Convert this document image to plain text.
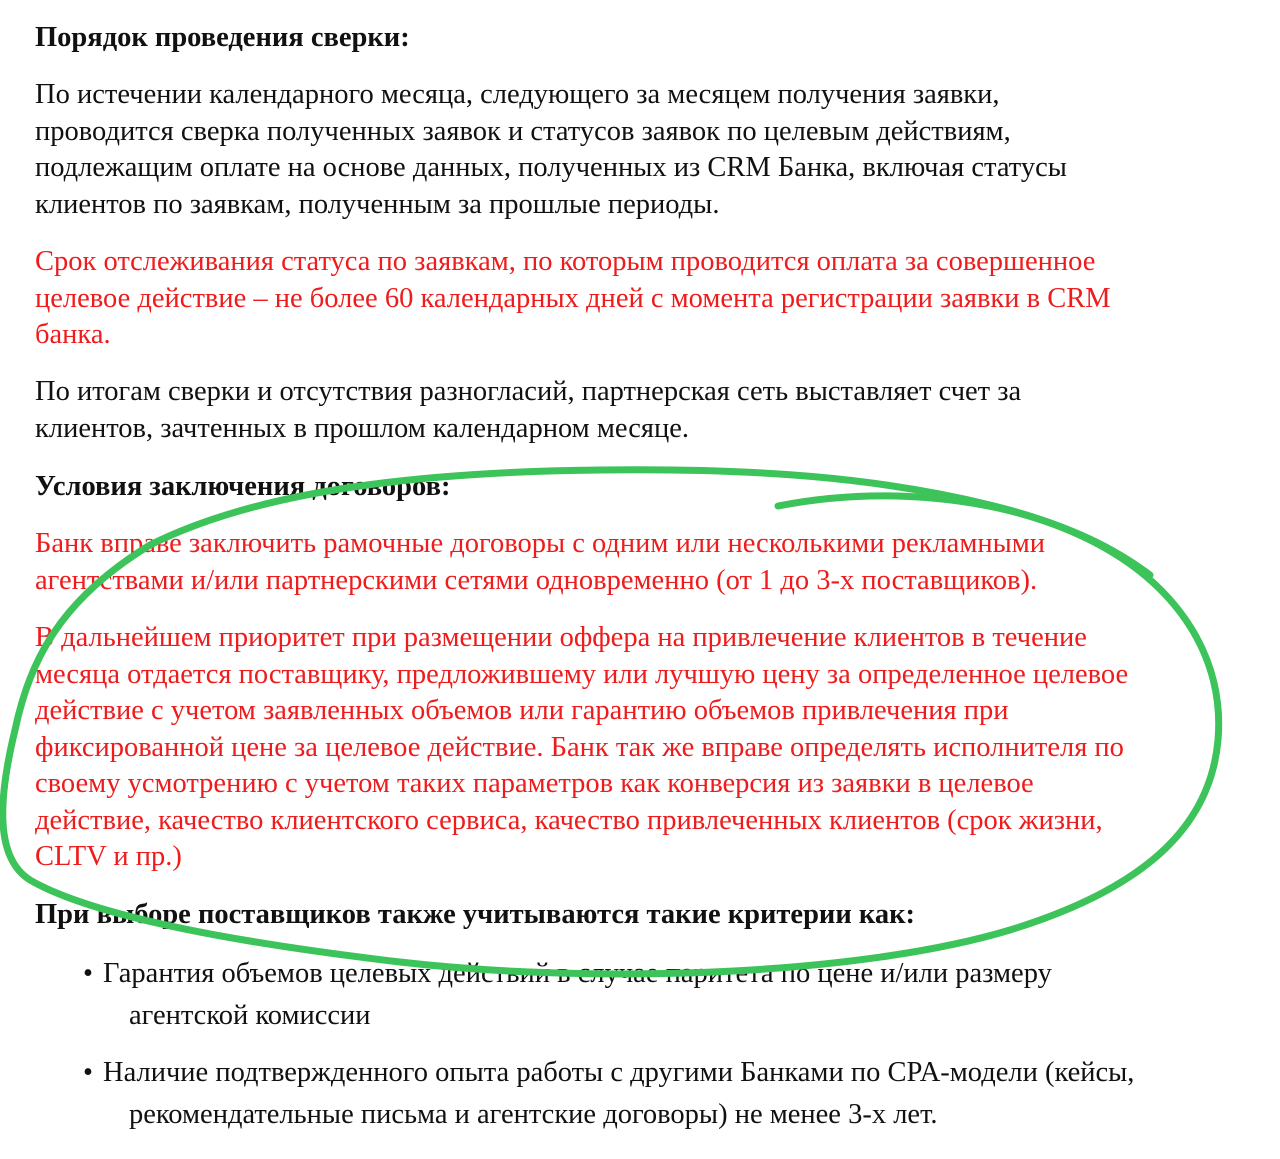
Порядок проведения сверки:
По истечении календарного месяца, следующего за месяцем получения заявки,
проводится сверка полученных заявок и статусов заявок по целевым действиям,
подлежащим оплате на основе данных, полученных из CRM Банка, включая статусы
клиентов по заявкам, полученным за прошлые периоды.
Срок отслеживания статуса по заявкам, по которым проводится оплата за совершенное
целевое действие – не более 60 календарных дней с момента регистрации заявки в CRM
банка.
По итогам сверки и отсутствия разногласий, партнерская сеть выставляет счет за
клиентов, зачтенных в прошлом календарном месяце.
Условия заключения договоров:
Банк вправе заключить рамочные договоры с одним или несколькими рекламными
агентствами и/или партнерскими сетями одновременно (от 1 до 3-х поставщиков).
В дальнейшем приоритет при размещении оффера на привлечение клиентов в течение
месяца отдается поставщику, предложившему или лучшую цену за определенное целевое
действие с учетом заявленных объемов или гарантию объемов привлечения при
фиксированной цене за целевое действие. Банк так же вправе определять исполнителя по
своему усмотрению с учетом таких параметров как конверсия из заявки в целевое
действие, качество клиентского сервиса, качество привлеченных клиентов (срок жизни,
CLTV и пр.)
При выборе поставщиков также учитываются такие критерии как:
• Гарантия объемов целевых действий в случае паритета по цене и/или размеру
агентской комиссии
• Наличие подтвержденного опыта работы с другими Банками по CPA-модели (кейсы,
рекомендательные письма и агентские договоры) не менее 3-х лет.
